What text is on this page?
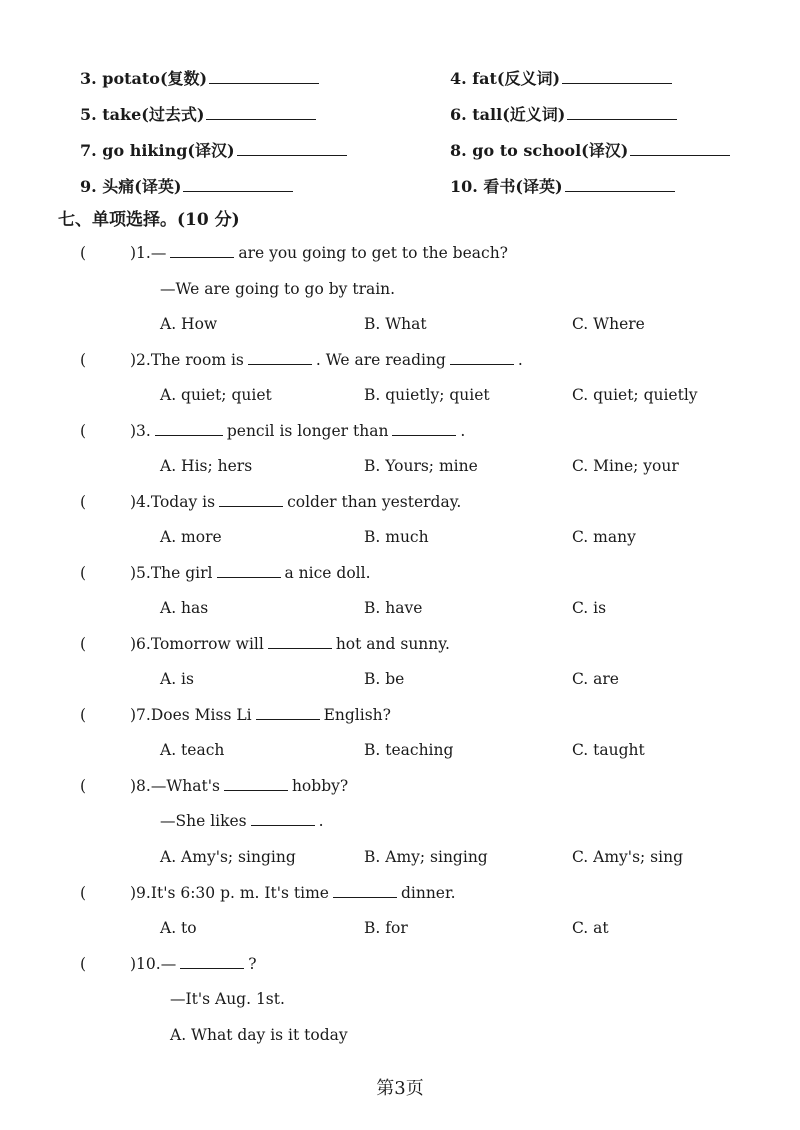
3. potato(复数)	4. fat(反义词)
5. take(过去式)	6. tall(近义词)
7. go hiking(译汉)	8. go to school(译汉)
9. 头痛(译英)	10. 看书(译英)
七、单项选择。(10 分)
(	)1.—	are you going to get to the beach?
—We are going to go by train.
A. How	B. What	C. Where
(	)2.The room is	. We are reading	.
A. quiet; quiet	B. quietly; quiet	C. quiet; quietly
(	)3.	pencil is longer than	.
A. His; hers	B. Yours; mine	C. Mine; your
(	)4.Today is	colder than yesterday.
A. more	B. much	C. many
(	)5.The girl	a nice doll.
A. has	B. have	C. is
(	)6.Tomorrow will	hot and sunny.
A. is	B. be	C. are
(	)7.Does Miss Li	English?
A. teach	B. teaching	C. taught
(	)8.—What's	hobby?
—She likes	.
A. Amy's; singing	B. Amy; singing	C. Amy's; sing
(	)9.It's 6:30 p. m. It's time	dinner.
A. to	B. for	C. at
(	)10.—	?
—It's Aug. 1st.
A. What day is it today
第3页
